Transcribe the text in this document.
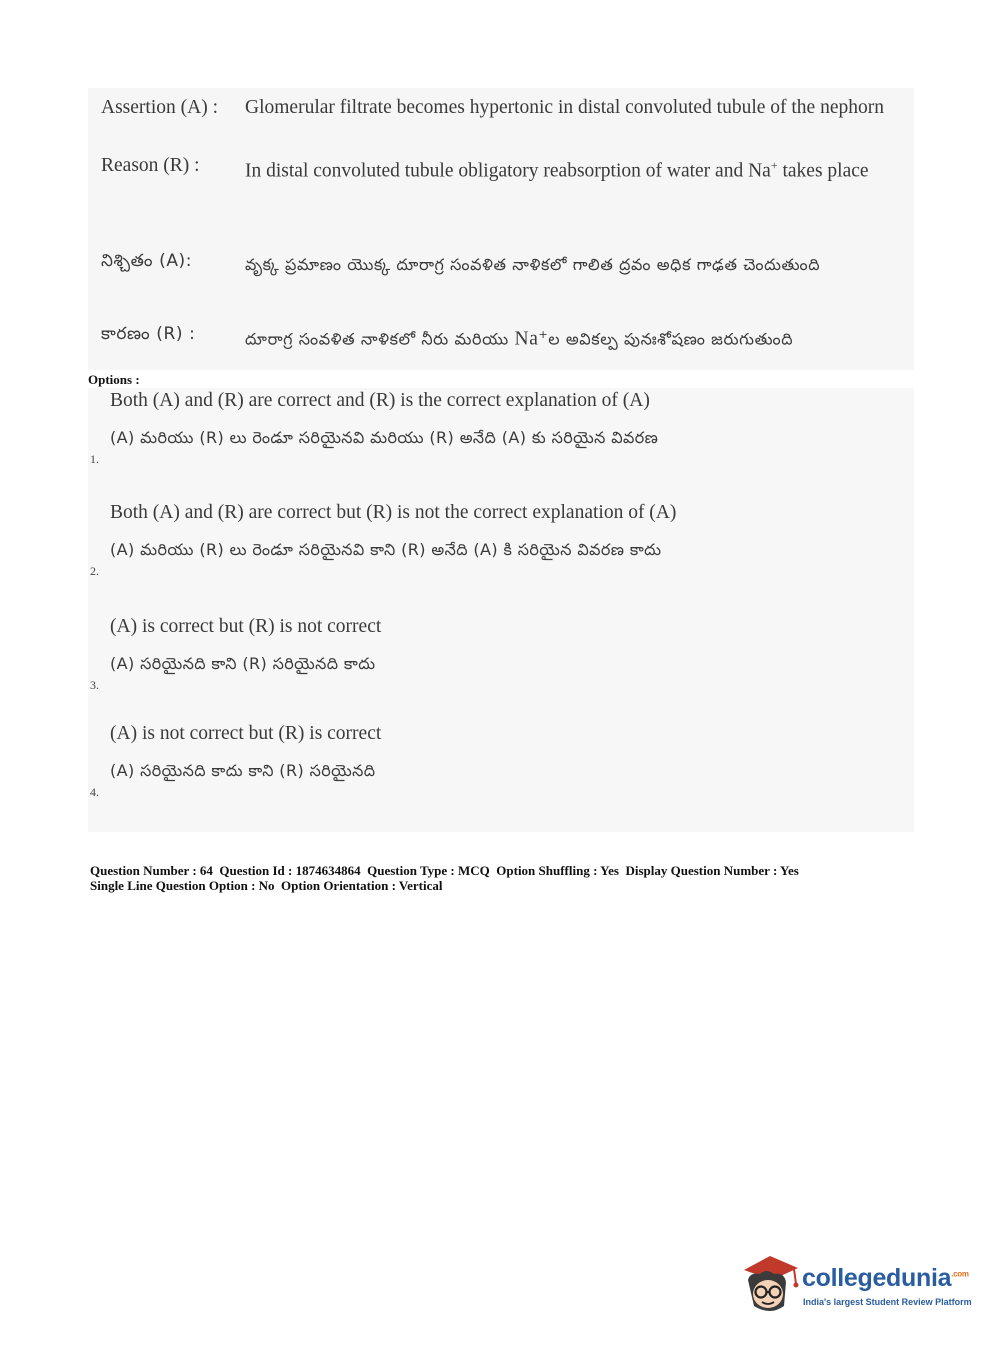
Assertion (A) : Glomerular filtrate becomes hypertonic in distal convoluted tubule of the nephorn
Reason (R) : In distal convoluted tubule obligatory reabsorption of water and Na+ takes place
నిశ్చితం (A):	వృక్క ప్రమాణం యొక్క దూరాగ్ర సంవళిత నాళికలో గాలిత ద్రవం అధిక గాఢత చెందుతుంది
కారణం (R) :	దూరాగ్ర సంవళిత నాళికలో నీరు మరియు Na+ల అవికల్ప పునఃశోషణం జరుగుతుంది
Options :
Both (A) and (R) are correct and (R) is the correct explanation of (A)
(A) మరియు (R) లు రెండూ సరియైనవి మరియు (R) అనేది (A) కు సరియైన వివరణ
1.
Both (A) and (R) are correct but (R) is not the correct explanation of (A)
(A) మరియు (R) లు రెండూ సరియైనవి కాని (R) అనేది (A) కి సరియైన వివరణ కాదు
2.
(A) is correct but (R) is not correct
(A) సరియైనది కాని (R) సరియైనది కాదు
3.
(A) is not correct but (R) is correct
(A) సరియైనది కాదు కాని (R) సరియైనది
4.
Question Number : 64  Question Id : 1874634864  Question Type : MCQ  Option Shuffling : Yes  Display Question Number : Yes
Single Line Question Option : No  Option Orientation : Vertical
collegedunia$^{.com}$
India's largest Student Review Platform
